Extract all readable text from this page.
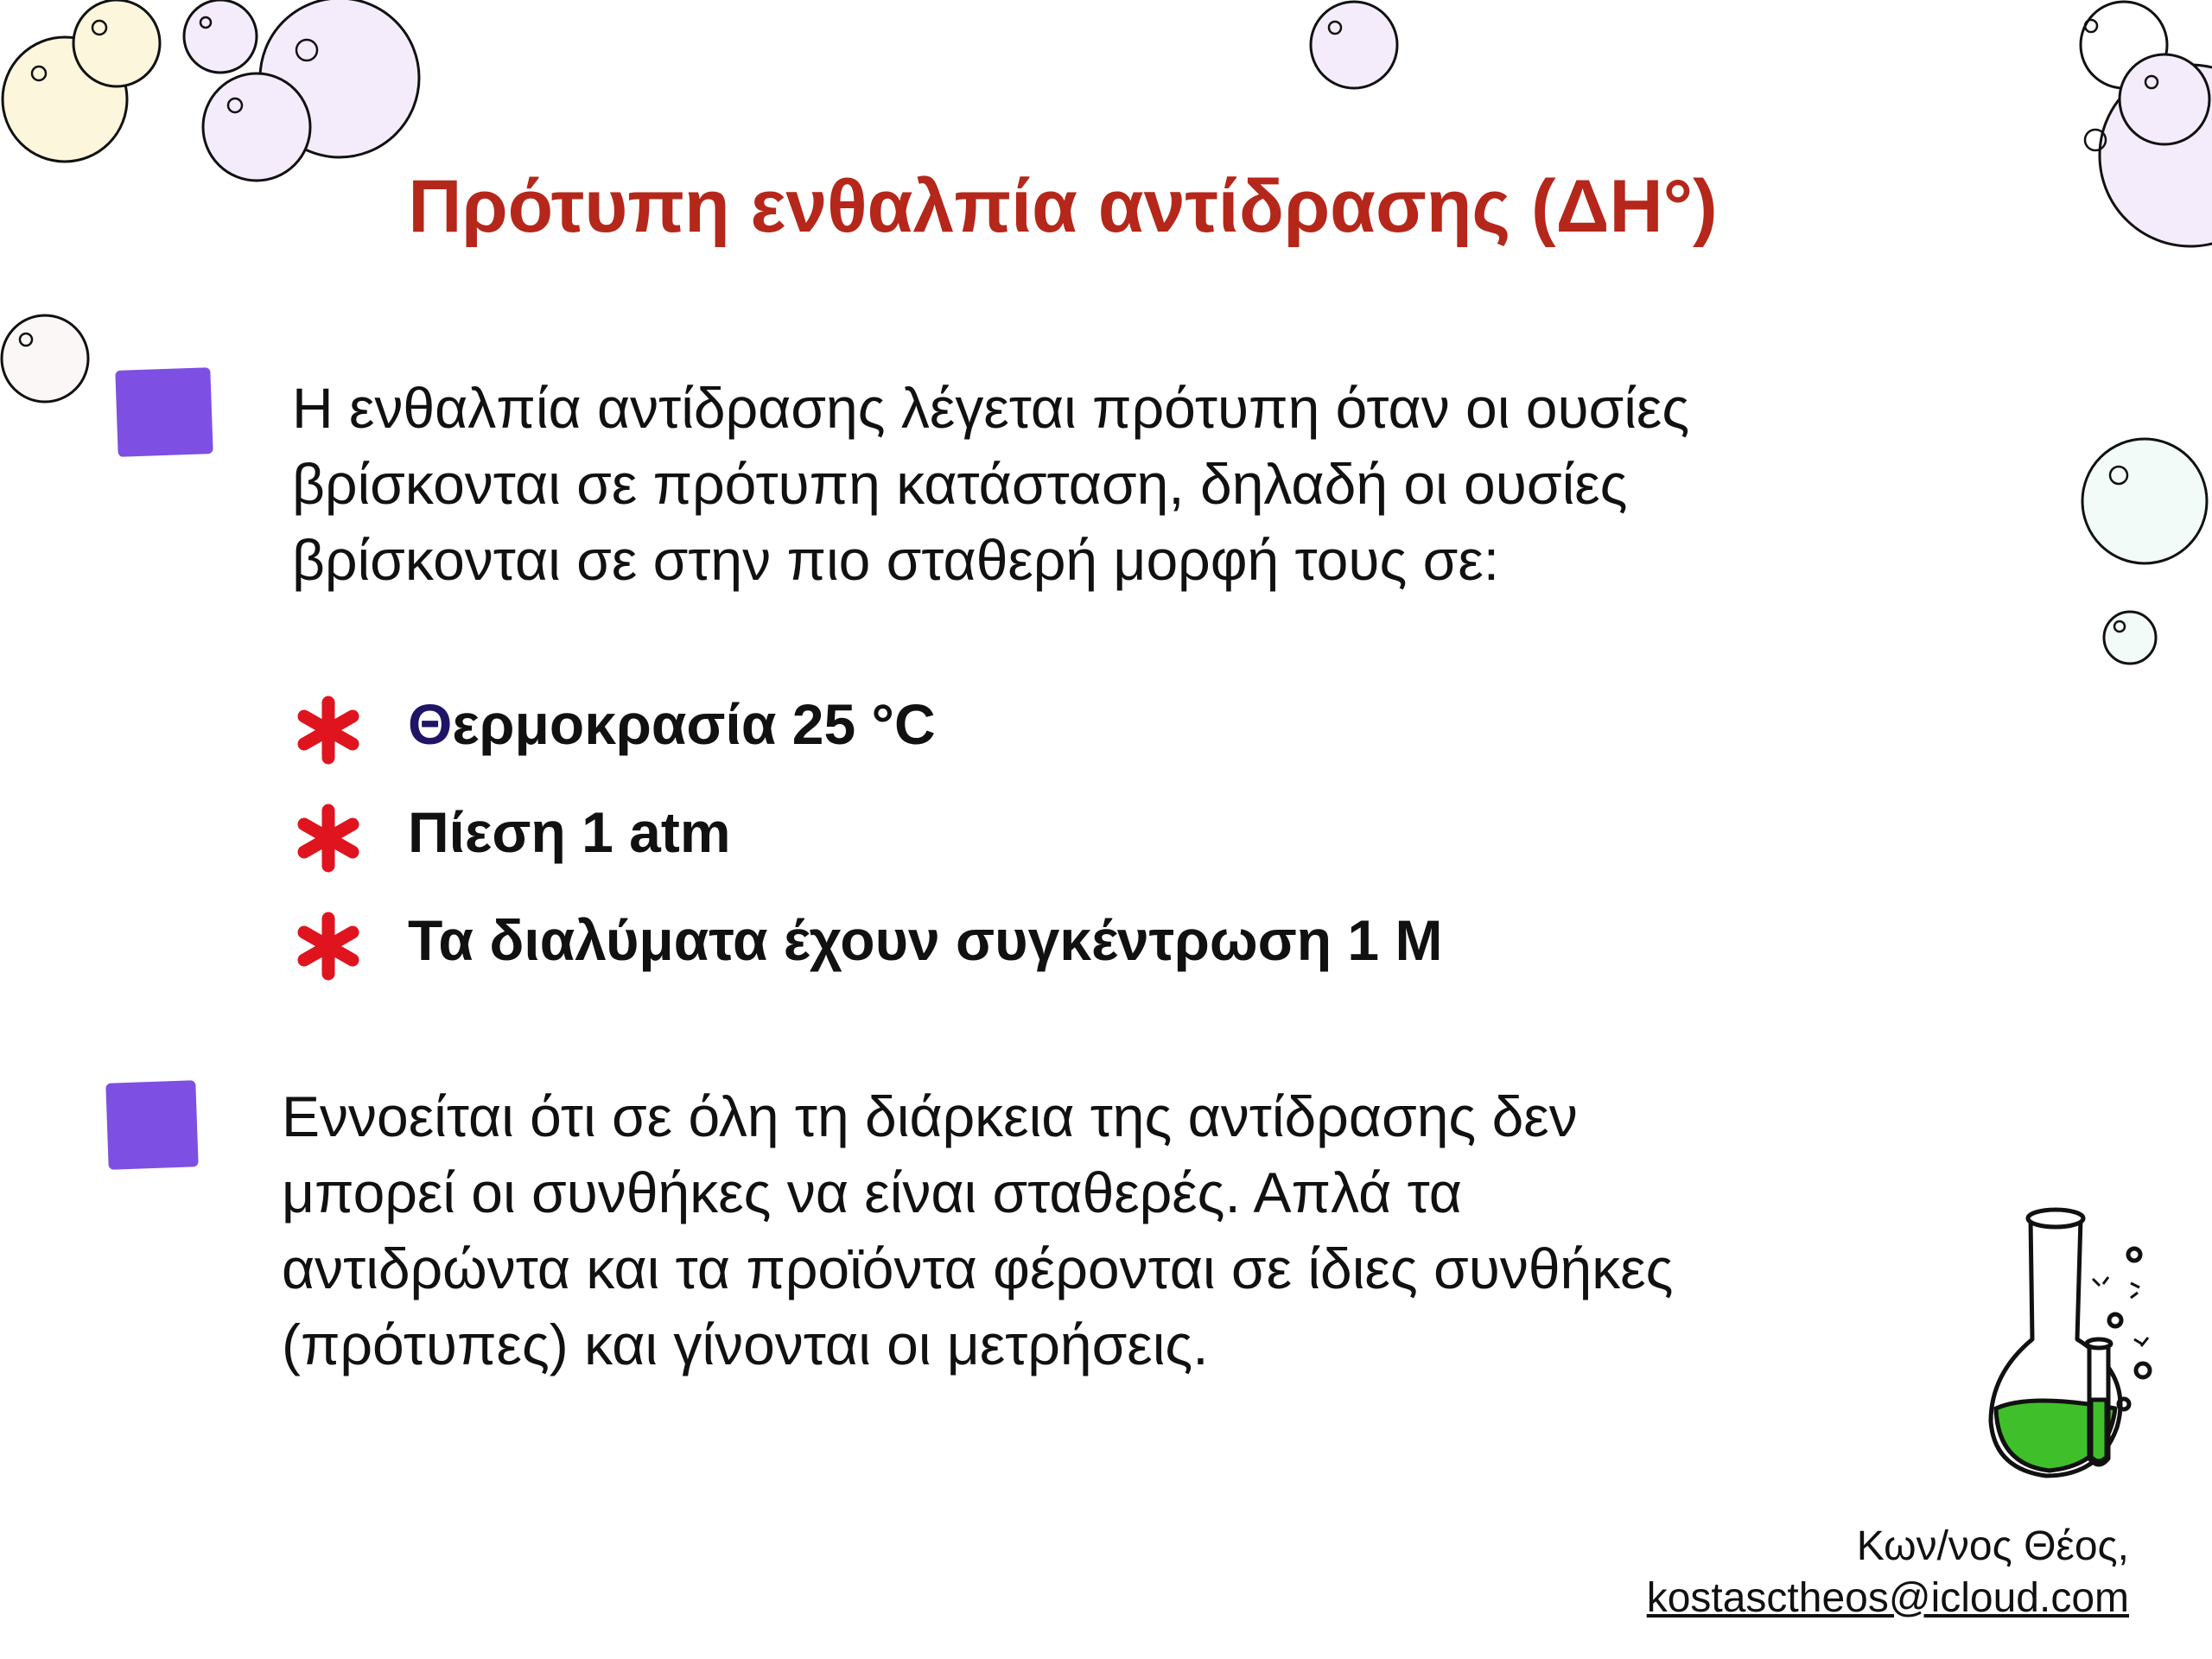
Πρότυπη ενθαλπία αντίδρασης (ΔΗ°)
Η ενθαλπία αντίδρασης λέγεται πρότυπη όταν οι ουσίες
βρίσκονται σε πρότυπη κατάσταση, δηλαδή οι ουσίες
βρίσκονται σε στην πιο σταθερή μορφή τους σε:
Θερμοκρασία 25 °C
Πίεση 1 atm
Τα διαλύματα έχουν συγκέντρωση 1 Μ
Εννοείται ότι σε όλη τη διάρκεια της αντίδρασης δεν
μπορεί οι συνθήκες να είναι σταθερές. Απλά τα
αντιδρώντα και τα προϊόντα φέρονται σε ίδιες συνθήκες
(πρότυπες) και γίνονται οι μετρήσεις.
Κων/νος Θέος,
kostasctheos@icloud.com
